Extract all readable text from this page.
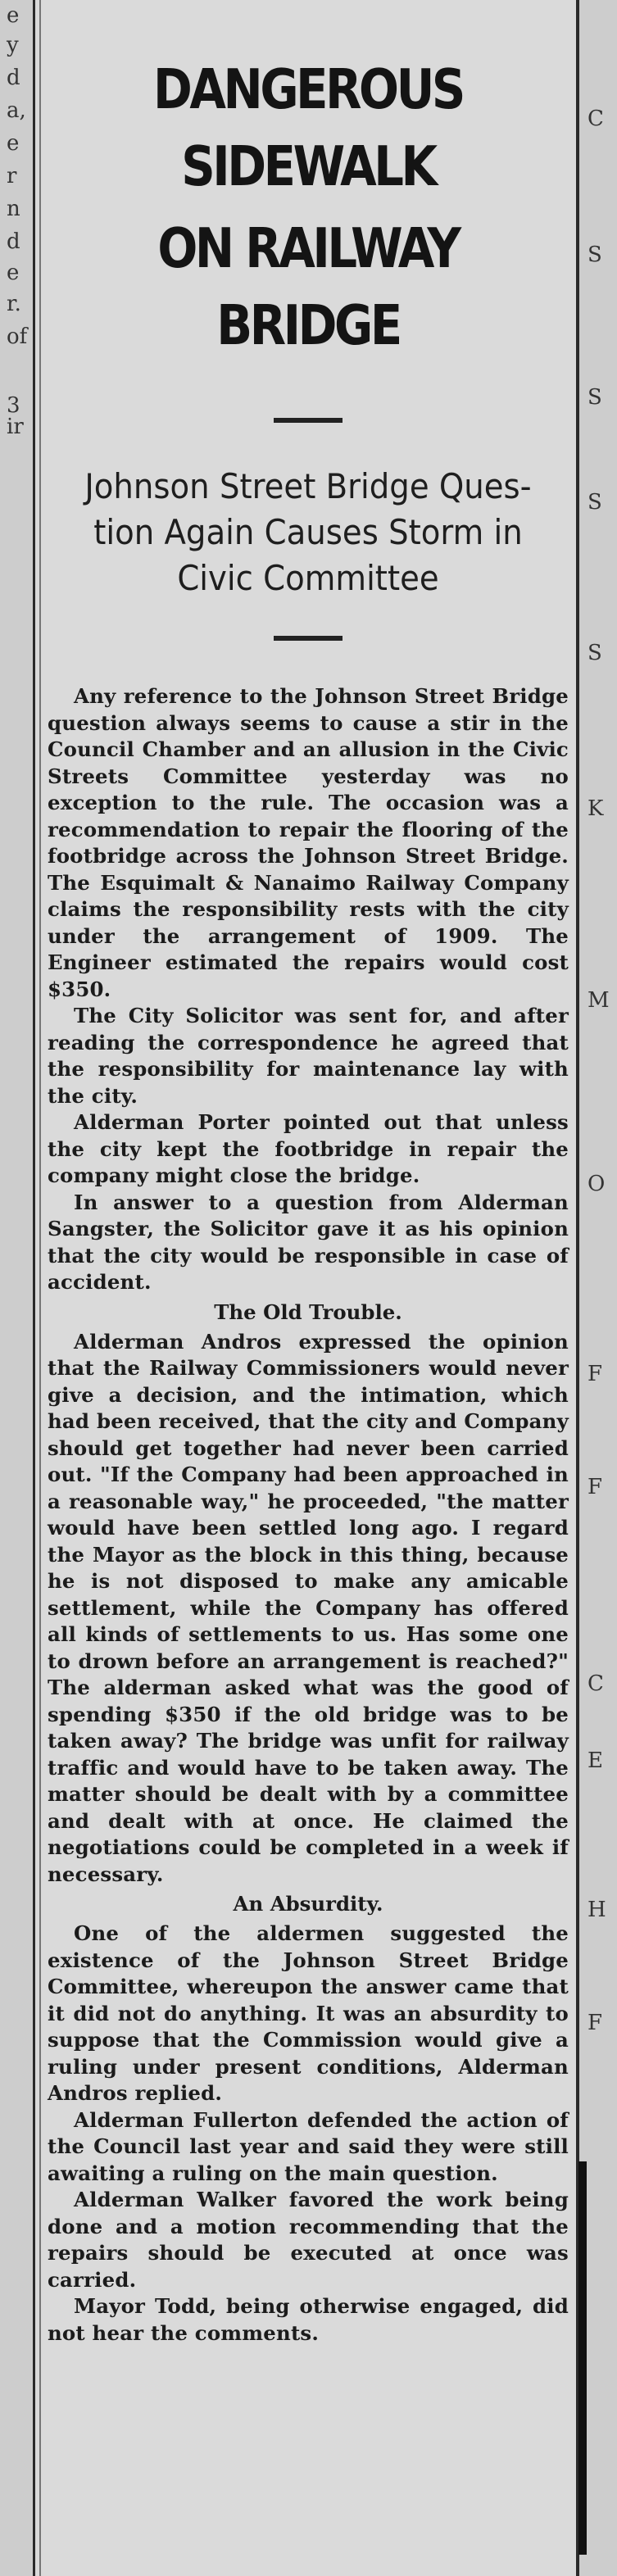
e
y
d
a,
e
r
n
d
e
r.
of
3
ir
C
S
S
S
S
K
M
O
F
F
C
E
H
F
DANGEROUS SIDEWALK
ON RAILWAY BRIDGE
Johnson Street Bridge Ques-
tion Again Causes Storm in
Civic Committee

Any reference to the Johnson Street Bridge question always seems to cause a stir in the Council Chamber and an allusion in the Civic Streets Committee yesterday was no exception to the rule. The occasion was a recommendation to repair the flooring of the footbridge across the Johnson Street Bridge. The Esquimalt & Nanaimo Railway Company claims the responsibility rests with the city under the arrangement of 1909. The Engineer estimated the repairs would cost $350.

The City Solicitor was sent for, and after reading the correspondence he agreed that the responsibility for maintenance lay with the city.

Alderman Porter pointed out that unless the city kept the footbridge in repair the company might close the bridge.

In answer to a question from Alderman Sangster, the Solicitor gave it as his opinion that the city would be responsible in case of accident.

The Old Trouble.

Alderman Andros expressed the opinion that the Railway Commissioners would never give a decision, and the intimation, which had been received, that the city and Company should get together had never been carried out. "If the Company had been approached in a reasonable way," he proceeded, "the matter would have been settled long ago. I regard the Mayor as the block in this thing, because he is not disposed to make any amicable settlement, while the Company has offered all kinds of settlements to us. Has some one to drown before an arrangement is reached?" The alderman asked what was the good of spending $350 if the old bridge was to be taken away? The bridge was unfit for railway traffic and would have to be taken away. The matter should be dealt with by a committee and dealt with at once. He claimed the negotiations could be completed in a week if necessary.

An Absurdity.

One of the aldermen suggested the existence of the Johnson Street Bridge Committee, whereupon the answer came that it did not do anything. It was an absurdity to suppose that the Commission would give a ruling under present conditions, Alderman Andros replied.

Alderman Fullerton defended the action of the Council last year and said they were still awaiting a ruling on the main question.

Alderman Walker favored the work being done and a motion recommending that the repairs should be executed at once was carried.

Mayor Todd, being otherwise engaged, did not hear the comments.
